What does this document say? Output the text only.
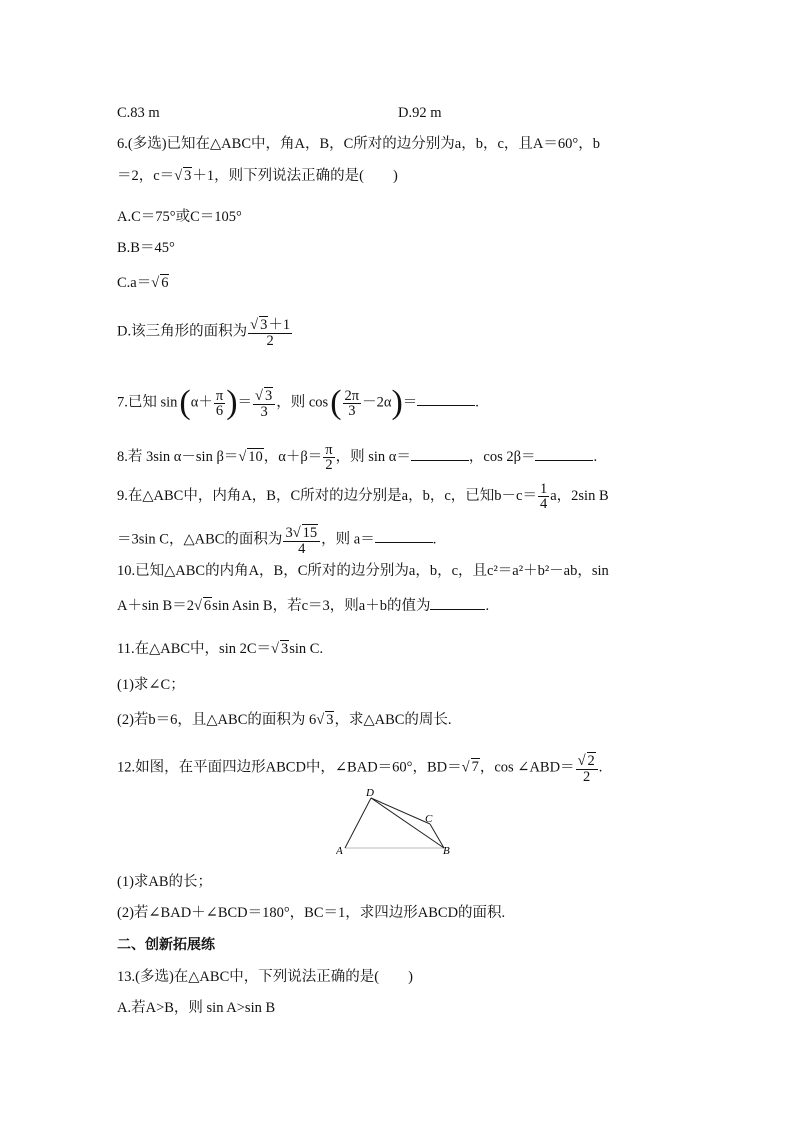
C.83 m	D.92 m
6.(多选)已知在△ABC中，角A，B，C所对的边分别为a，b，c，且A＝60°，b
＝2，c＝√ 3＋1，则下列说法正确的是(　　)
A.C＝75°或C＝105°
B.B＝45°
C.a＝√ 6
D.该三角形的面积为 $\frac{√ 3+1}{2}$
7.已知 $\sin(\alpha+ \frac{\pi}{6}$ )＝ $\frac{√ 3}{3}$ ，则 $\cos( \frac{2\pi}{3} -2\alpha)=$	.
8.若 3sin α－sin β＝√ 10，$\alpha+\beta= \frac{\pi}{2}$ ，则 sin α＝	，cos 2β＝	.
9.在△ABC中，内角A，B，C所对的边分别是a，b，c，已知$b-c= \frac{1}{4}$ a，2sin B
＝3sin C，△ABC的面积为 $\frac{3√ 15}{4}$ ，则 a＝	.
10.已知△ABC的内角A，B，C所对的边分别为a，b，c，且c²＝a²＋b²－ab，sin
A＋sin B＝2√ 6sin Asin B，若c＝3，则a＋b的值为	.
11.在△ABC中，sin 2C＝√ 3sin C.
(1)求∠C；
(2)若b＝6，且△ABC的面积为 6√ 3，求△ABC的周长.
12.如图，在平面四边形ABCD中，∠BAD＝60°，BD＝√ 7，cos ∠ABD＝ $\frac{√ 2}{2}$ .
A	B
C
D
(1)求AB的长；
(2)若∠BAD＋∠BCD＝180°，BC＝1，求四边形ABCD的面积.
二、创新拓展练
13.(多选)在△ABC中，下列说法正确的是(　　)
A.若A>B，则 sin A>sin B
